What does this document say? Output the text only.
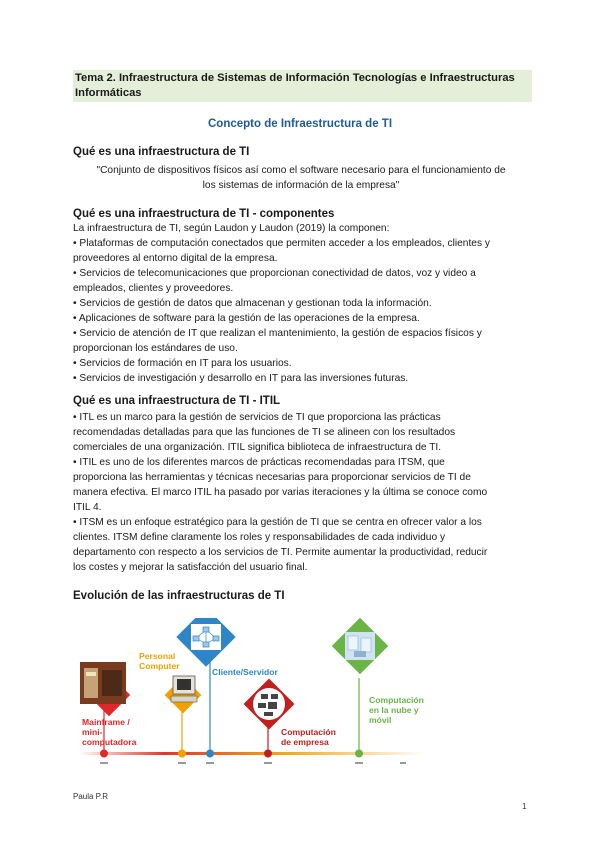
Tema 2. Infraestructura de Sistemas de Información Tecnologías e Infraestructuras Informáticas
Concepto de Infraestructura de TI
Qué es una infraestructura de TI
"Conjunto de dispositivos físicos así como el software necesario para el funcionamiento de
los sistemas de información de la empresa"
Qué es una infraestructura de TI - componentes
La infraestructura de TI, según Laudon y Laudon (2019) la componen:
• Plataformas de computación conectados que permiten acceder a los empleados, clientes y
proveedores al entorno digital de la empresa.
• Servicios de telecomunicaciones que proporcionan conectividad de datos, voz y video a
empleados, clientes y proveedores.
• Servicios de gestión de datos que almacenan y gestionan toda la información.
• Aplicaciones de software para la gestión de las operaciones de la empresa.
• Servicio de atención de IT que realizan el mantenimiento, la gestión de espacios físicos y
proporcionan los estándares de uso.
• Servicios de formación en IT para los usuarios.
• Servicios de investigación y desarrollo en IT para las inversiones futuras.
Qué es una infraestructura de TI - ITIL
• ITL es un marco para la gestión de servicios de TI que proporciona las prácticas
recomendadas detalladas para que las funciones de TI se alineen con los resultados
comerciales de una organización. ITIL significa biblioteca de infraestructura de TI.
• ITIL es uno de los diferentes marcos de prácticas recomendadas para ITSM, que
proporciona las herramientas y técnicas necesarias para proporcionar servicios de TI de
manera efectiva. El marco ITIL ha pasado por varias iteraciones y la última se conoce como
ITIL 4.
• ITSM es un enfoque estratégico para la gestión de TI que se centra en ofrecer valor a los
clientes. ITSM define claramente los roles y responsabilidades de cada individuo y
departamento con respecto a los servicios de TI. Permite aumentar la productividad, reducir
los costes y mejorar la satisfacción del usuario final.
Evolución de las infraestructuras de TI
Mainframe /
mini-
computadora
Personal
Computer
Cliente/Servidor
Computación
de empresa
Computación
en la nube y
móvil
Paula P.R
1
